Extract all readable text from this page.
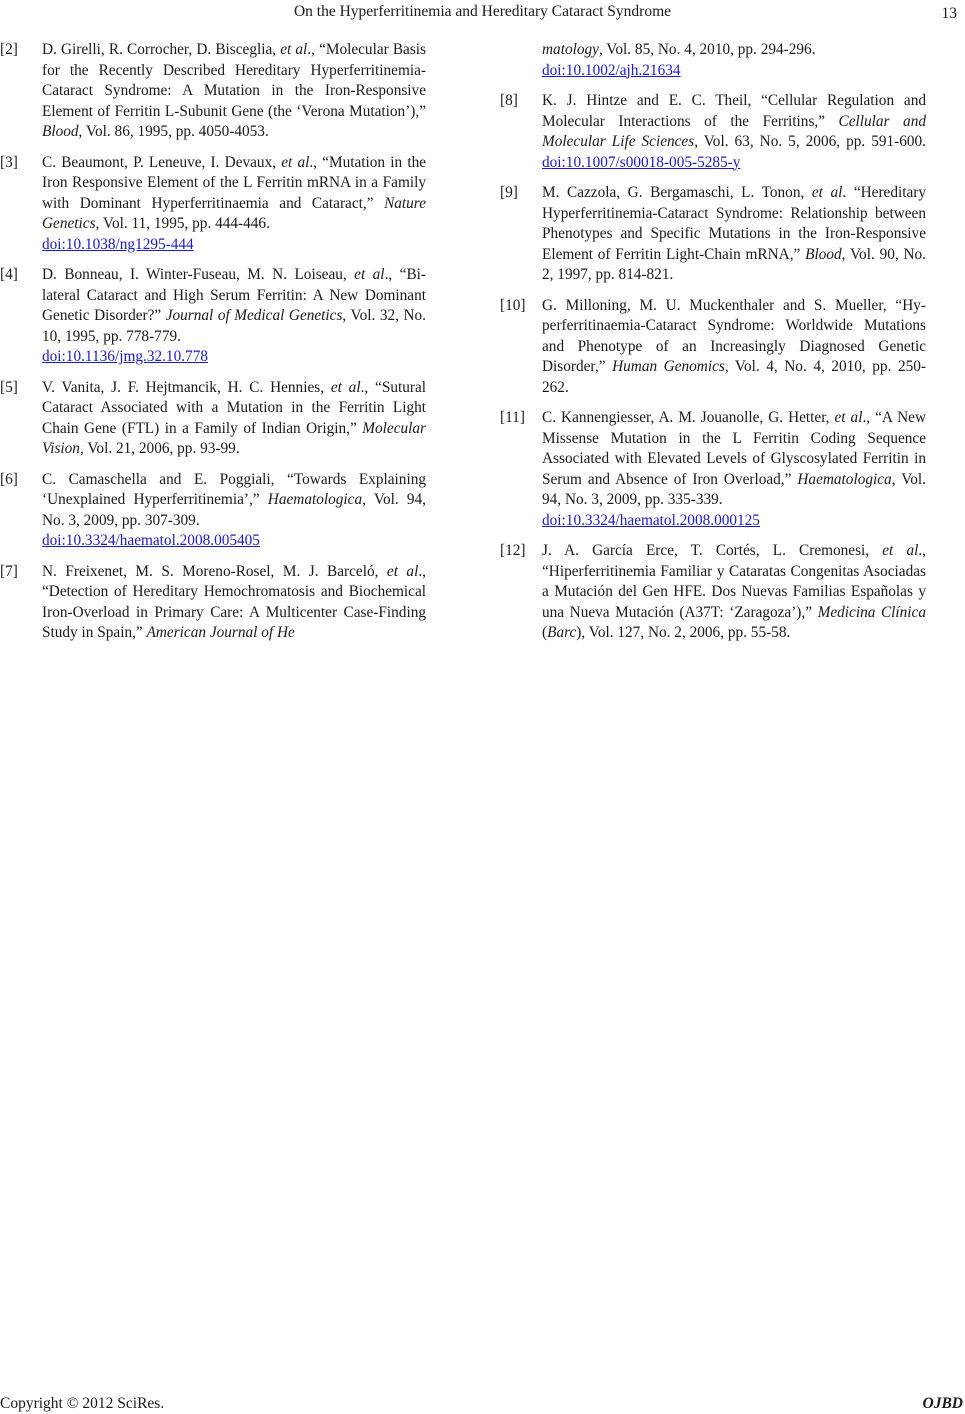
On the Hyperferritinemia and Hereditary Cataract Syndrome	13
[2] D. Girelli, R. Corrocher, D. Bisceglia, et al., “Molecular Basis for the Recently Described Hereditary Hyperferritinemia-Cataract Syndrome: A Mutation in the Iron-Responsive Element of Ferritin L-Subunit Gene (the ‘Verona Mutation’),” Blood, Vol. 86, 1995, pp. 4050-4053.
[3] C. Beaumont, P. Leneuve, I. Devaux, et al., “Mutation in the Iron Responsive Element of the L Ferritin mRNA in a Family with Dominant Hyperferritinaemia and Cataract,” Nature Genetics, Vol. 11, 1995, pp. 444-446.
doi:10.1038/ng1295-444
[4] D. Bonneau, I. Winter-Fuseau, M. N. Loiseau, et al., “Bilateral Cataract and High Serum Ferritin: A New Dominant Genetic Disorder?” Journal of Medical Genetics, Vol. 32, No. 10, 1995, pp. 778-779.
doi:10.1136/jmg.32.10.778
[5] V. Vanita, J. F. Hejtmancik, H. C. Hennies, et al., “Sutural Cataract Associated with a Mutation in the Ferritin Light Chain Gene (FTL) in a Family of Indian Origin,” Molecular Vision, Vol. 21, 2006, pp. 93-99.
[6] C. Camaschella and E. Poggiali, “Towards Explaining ‘Unexplained Hyperferritinemia’,” Haematologica, Vol. 94, No. 3, 2009, pp. 307-309.
doi:10.3324/haematol.2008.005405
[7] N. Freixenet, M. S. Moreno-Rosel, M. J. Barceló, et al., “Detection of Hereditary Hemochromatosis and Biochemical Iron-Overload in Primary Care: A Multicenter Case-Finding Study in Spain,” American Journal of He
matology, Vol. 85, No. 4, 2010, pp. 294-296.
doi:10.1002/ajh.21634
[8] K. J. Hintze and E. C. Theil, “Cellular Regulation and Molecular Interactions of the Ferritins,” Cellular and Molecular Life Sciences, Vol. 63, No. 5, 2006, pp. 591-600. doi:10.1007/s00018-005-5285-y
[9] M. Cazzola, G. Bergamaschi, L. Tonon, et al. “Hereditary Hyperferritinemia-Cataract Syndrome: Relationship between Phenotypes and Specific Mutations in the Iron-Responsive Element of Ferritin Light-Chain mRNA,” Blood, Vol. 90, No. 2, 1997, pp. 814-821.
[10] G. Milloning, M. U. Muckenthaler and S. Mueller, “Hyperferritinaemia-Cataract Syndrome: Worldwide Mutations and Phenotype of an Increasingly Diagnosed Genetic Disorder,” Human Genomics, Vol. 4, No. 4, 2010, pp. 250-262.
[11] C. Kannengiesser, A. M. Jouanolle, G. Hetter, et al., “A New Missense Mutation in the L Ferritin Coding Sequence Associated with Elevated Levels of Glyscosylated Ferritin in Serum and Absence of Iron Overload,” Haematologica, Vol. 94, No. 3, 2009, pp. 335-339.
doi:10.3324/haematol.2008.000125
[12] J. A. García Erce, T. Cortés, L. Cremonesi, et al., “Hiperferritinemia Familiar y Cataratas Congenitas Asociadas a Mutación del Gen HFE. Dos Nuevas Familias Españolas y una Nueva Mutación (A37T: ‘Zaragoza’),” Medicina Clínica (Barc), Vol. 127, No. 2, 2006, pp. 55-58.
Copyright © 2012 SciRes.	OJBD
